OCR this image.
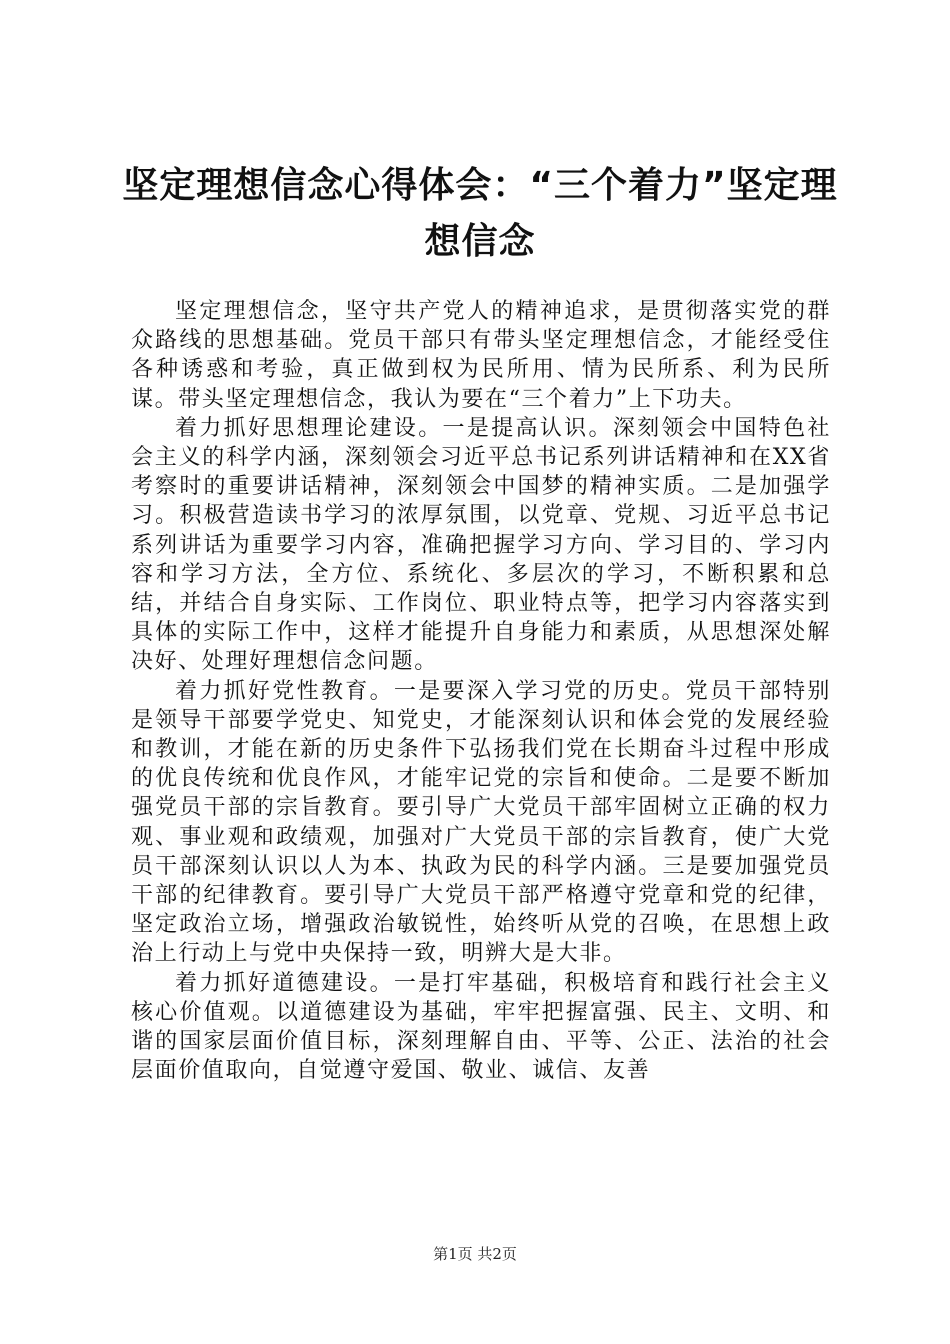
坚定理想信念心得体会：“三个着力”坚定理想信念

坚定理想信念，坚守共产党人的精神追求，是贯彻落实党的群众路线的思想基础。党员干部只有带头坚定理想信念，才能经受住各种诱惑和考验，真正做到权为民所用、情为民所系、利为民所谋。带头坚定理想信念，我认为要在“三个着力”上下功夫。

着力抓好思想理论建设。一是提高认识。深刻领会中国特色社会主义的科学内涵，深刻领会习近平总书记系列讲话精神和在XX省考察时的重要讲话精神，深刻领会中国梦的精神实质。二是加强学习。积极营造读书学习的浓厚氛围，以党章、党规、习近平总书记系列讲话为重要学习内容，准确把握学习方向、学习目的、学习内容和学习方法，全方位、系统化、多层次的学习，不断积累和总结，并结合自身实际、工作岗位、职业特点等，把学习内容落实到具体的实际工作中，这样才能提升自身能力和素质，从思想深处解决好、处理好理想信念问题。

着力抓好党性教育。一是要深入学习党的历史。党员干部特别是领导干部要学党史、知党史，才能深刻认识和体会党的发展经验和教训，才能在新的历史条件下弘扬我们党在长期奋斗过程中形成的优良传统和优良作风，才能牢记党的宗旨和使命。二是要不断加强党员干部的宗旨教育。要引导广大党员干部牢固树立正确的权力观、事业观和政绩观，加强对广大党员干部的宗旨教育，使广大党员干部深刻认识以人为本、执政为民的科学内涵。三是要加强党员干部的纪律教育。要引导广大党员干部严格遵守党章和党的纪律，坚定政治立场，增强政治敏锐性，始终听从党的召唤，在思想上政治上行动上与党中央保持一致，明辨大是大非。

着力抓好道德建设。一是打牢基础，积极培育和践行社会主义核心价值观。以道德建设为基础，牢牢把握富强、民主、文明、和谐的国家层面价值目标，深刻理解自由、平等、公正、法治的社会层面价值取向，自觉遵守爱国、敬业、诚信、友善

第1页 共2页
